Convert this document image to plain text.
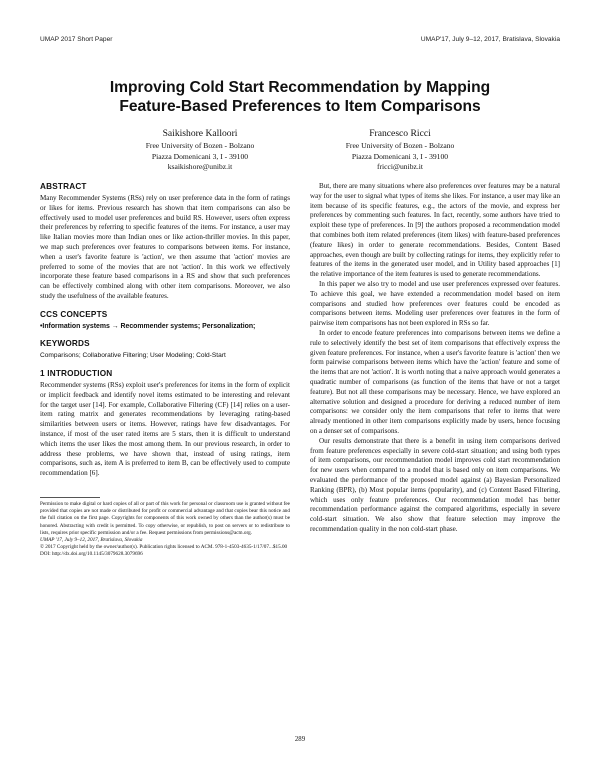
UMAP 2017 Short Paper	UMAP'17, July 9–12, 2017, Bratislava, Slovakia
Improving Cold Start Recommendation by Mapping
Feature-Based Preferences to Item Comparisons
Saikishore Kalloori
Free University of Bozen - Bolzano
Piazza Domenicani 3, I - 39100
ksaikishore@unibz.it
Francesco Ricci
Free University of Bozen - Bolzano
Piazza Domenicani 3, I - 39100
fricci@unibz.it
ABSTRACT

Many Recommender Systems (RSs) rely on user preference data in the form of ratings or likes for items. Previous research has shown that item comparisons can also be effectively used to model user preferences and build RS. However, users often express their preferences by referring to specific features of the items. For instance, a user may like Italian movies more than Indian ones or like action-thriller movies. In this paper, we map such preferences over features to comparisons between items. For instance, when a user's favorite feature is 'action', we then assume that 'action' movies are preferred to some of the movies that are not 'action'. In this work we effectively incorporate these feature based comparisons in a RS and show that such preferences can be effectively combined along with other item comparisons. Moreover, we also study the usefulness of the available features.

CCS CONCEPTS

•Information systems → Recommender systems; Personalization;

KEYWORDS

Comparisons; Collaborative Filtering; User Modeling; Cold-Start

1 INTRODUCTION

Recommender systems (RSs) exploit user's preferences for items in the form of explicit or implicit feedback and identify novel items estimated to be interesting and relevant for the target user [14]. For example, Collaborative Filtering (CF) [14] relies on a user-item rating matrix and generates recommendations by leveraging rating-based similarities between users or items. However, ratings have few disadvantages. For instance, if most of the user rated items are 5 stars, then it is difficult to understand which items the user likes the most among them. In our previous research, in order to address these problems, we have shown that, instead of using ratings, item comparisons, such as, item A is preferred to item B, can be effectively used to compute recommendation [6].

Permission to make digital or hard copies of all or part of this work for personal or classroom use is granted without fee provided that copies are not made or distributed for profit or commercial advantage and that copies bear this notice and the full citation on the first page. Copyrights for components of this work owned by others than the author(s) must be honored. Abstracting with credit is permitted. To copy otherwise, or republish, to post on servers or to redistribute to lists, requires prior specific permission and/or a fee. Request permissions from permissions@acm.org.

UMAP '17, July 9–12, 2017, Bratislava, Slovakia

© 2017 Copyright held by the owner/author(s). Publication rights licensed to ACM. 978-1-4503-4635-1/17/07...$15.00

DOI: http://dx.doi.org/10.1145/3079628.3079696

But, there are many situations where also preferences over features may be a natural way for the user to signal what types of items she likes. For instance, a user may like an item because of its specific features, e.g., the actors of the movie, and express her preferences by commenting such features. In fact, recently, some authors have tried to exploit these type of preferences. In [9] the authors proposed a recommendation model that combines both item related preferences (item likes) with feature-based preferences (feature likes) in order to generate recommendations. Besides, Content Based approaches, even though are built by collecting ratings for items, they explicitly refer to features of the items in the generated user model, and in Utility based approaches [1] the relative importance of the item features is used to generate recommendations.

In this paper we also try to model and use user preferences expressed over features. To achieve this goal, we have extended a recommendation model based on item comparisons and studied how preferences over features could be encoded as comparisons between items. Modeling user preferences over features in the form of pairwise item comparisons has not been explored in RSs so far.

In order to encode feature preferences into comparisons between items we define a rule to selectively identify the best set of item comparisons that effectively express the given feature preferences. For instance, when a user's favorite feature is 'action' then we form pairwise comparisons between items which have the 'action' feature and some of the items that are not 'action'. It is worth noting that a naive approach would generates a quadratic number of comparisons (as function of the items that have or not a target feature). But not all these comparisons may be necessary. Hence, we have explored an alternative solution and designed a procedure for deriving a reduced number of item comparisons: we consider only the item comparisons that refer to items that were already mentioned in other item comparisons explicitly made by users, hence focusing on a denser set of comparisons.

Our results demonstrate that there is a benefit in using item comparisons derived from feature preferences especially in severe cold-start situation; and using both types of item comparisons, our recommendation model improves cold start recommendation for new users when compared to a model that is based only on item comparisons. We evaluated the performance of the proposed model against (a) Bayesian Personalized Ranking (BPR), (b) Most popular items (popularity), and (c) Content Based Filtering, which uses only feature preferences. Our recommendation model has better recommendation performance against the compared algorithms, especially in severe cold-start situation. We also show that feature selection may improve the recommendation quality in the non cold-start phase.

289
